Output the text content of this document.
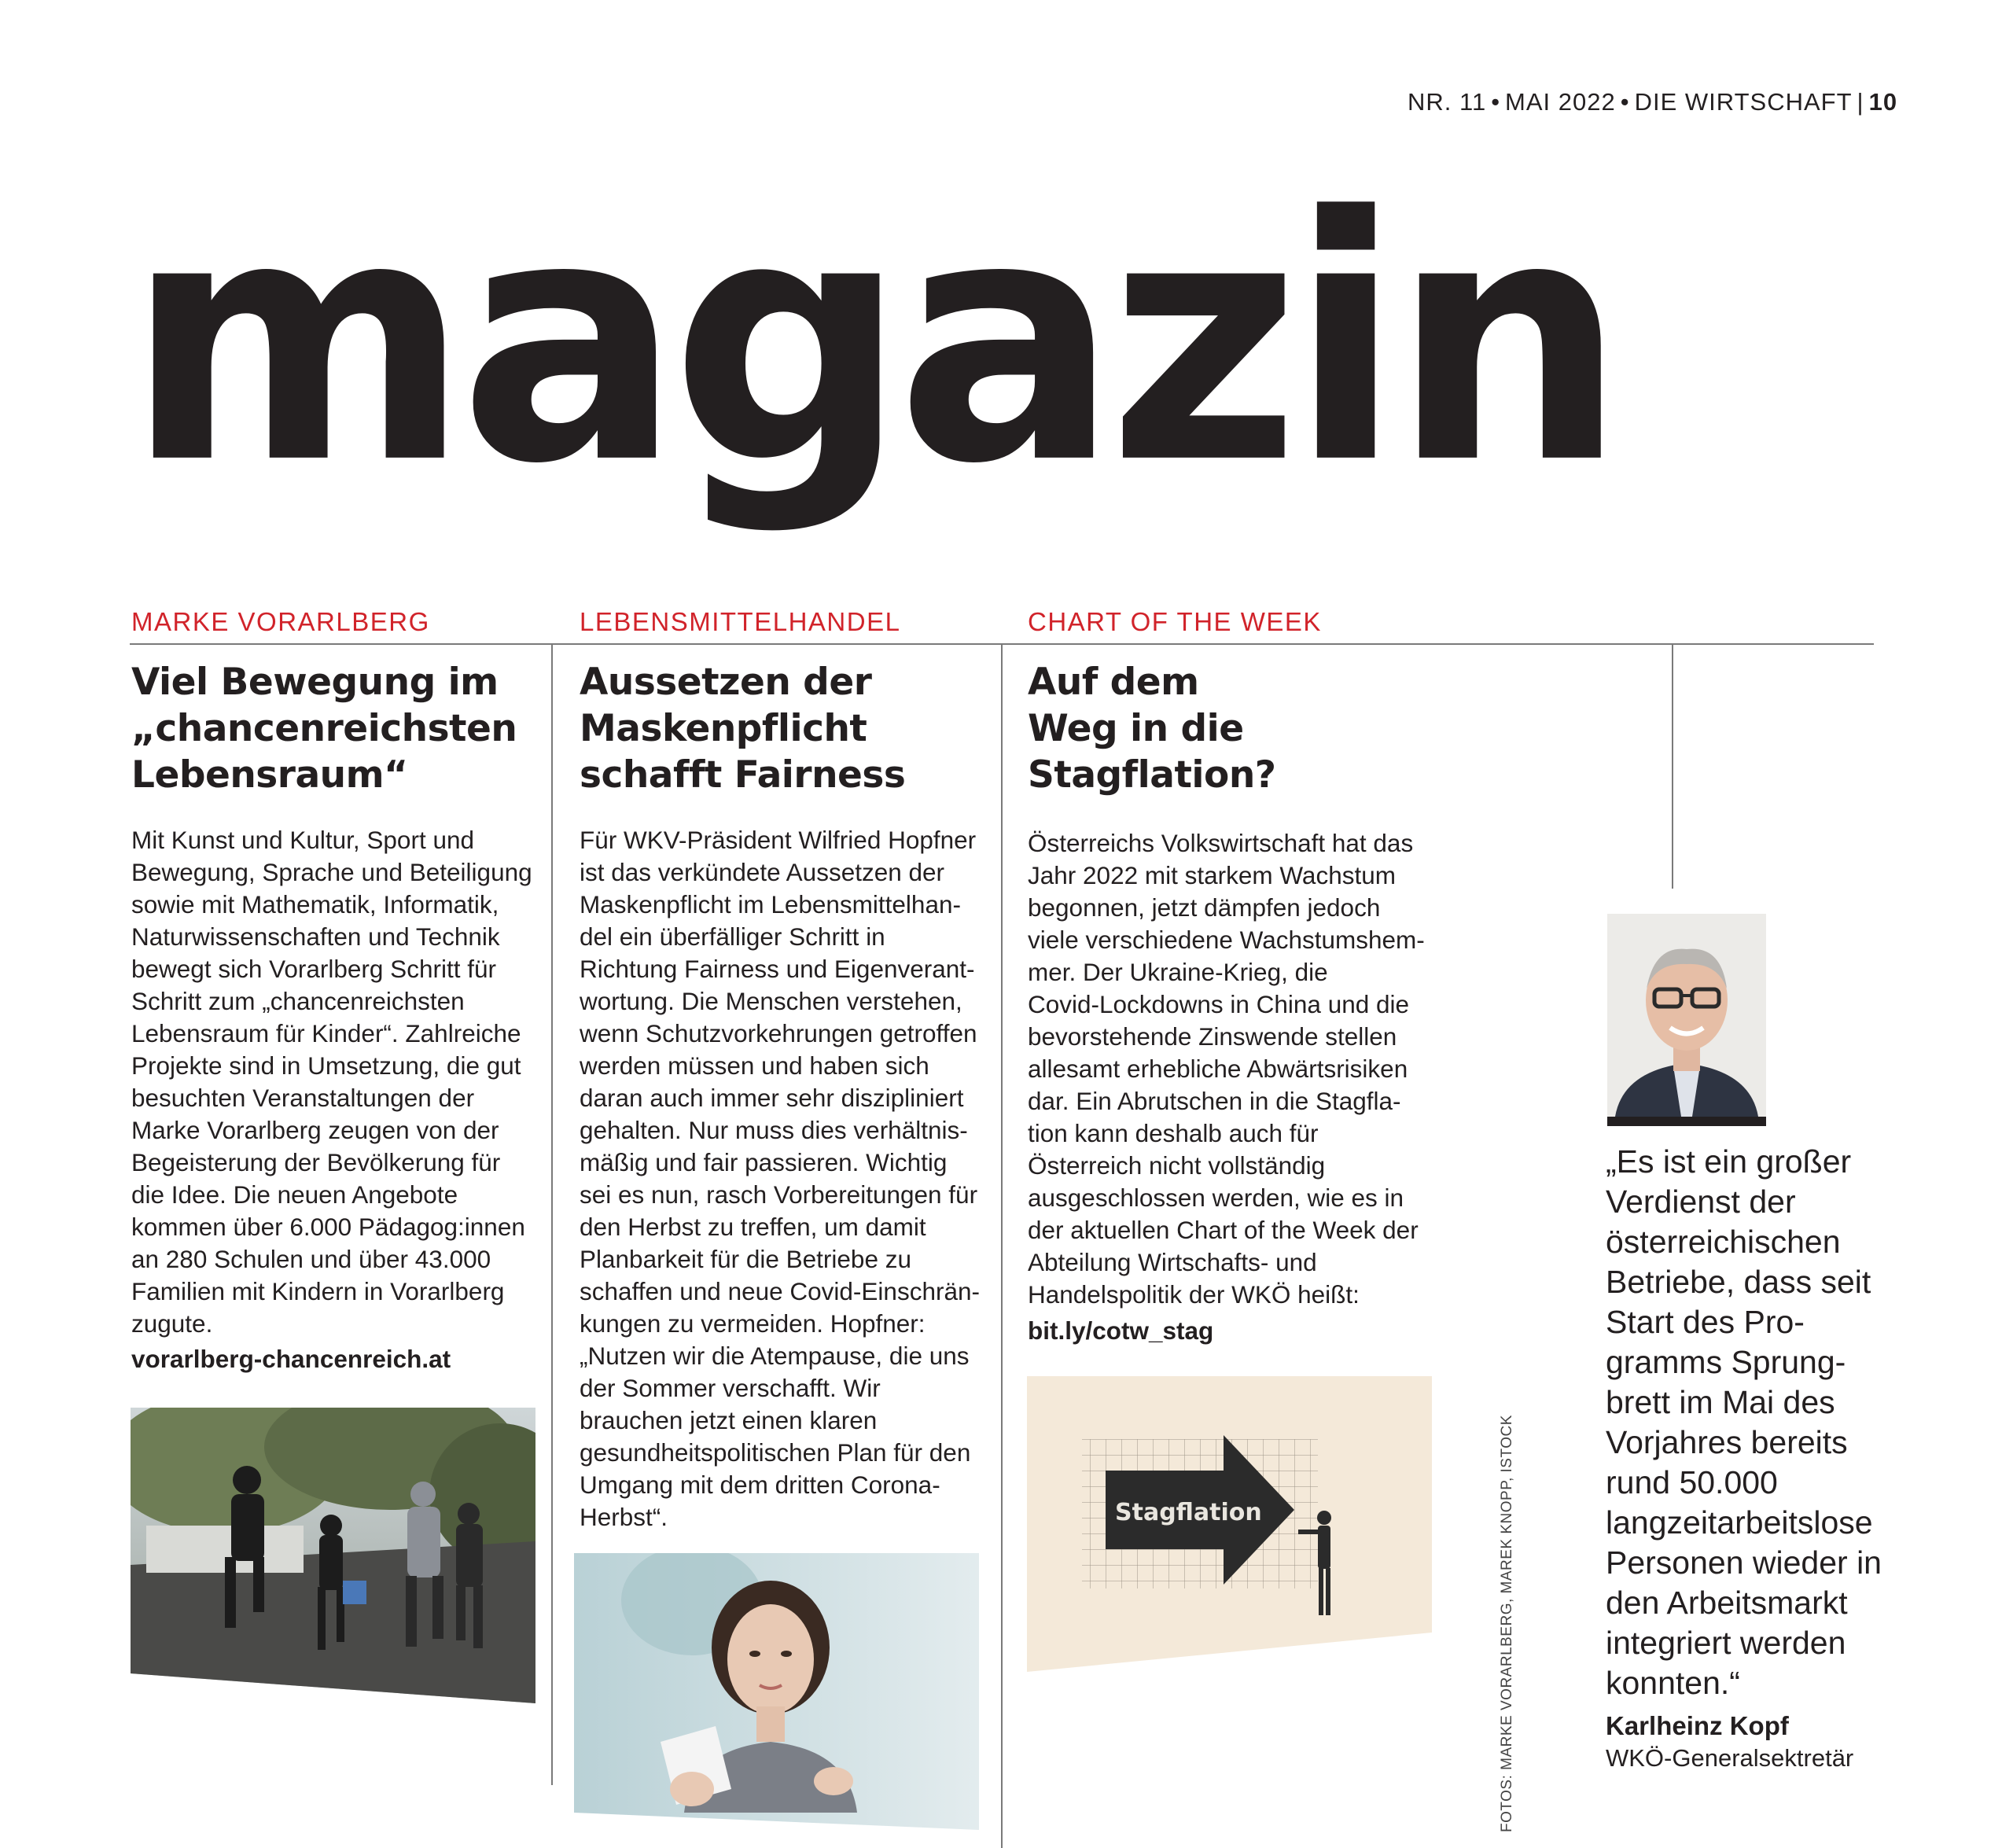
NR. 11 • MAI 2022 • DIE WIRTSCHAFT | 10
magazin
MARKE VORARLBERG
Viel Bewegung im
„chancenreichsten
Lebensraum“
Mit Kunst und Kultur, Sport und
Bewegung, Sprache und Beteiligung
sowie mit Mathematik, Informatik,
Naturwissenschaften und Technik
bewegt sich Vorarlberg Schritt für
Schritt zum „chancenreichsten
Lebensraum für Kinder“. Zahlreiche
Projekte sind in Umsetzung, die gut
besuchten Veranstaltungen der
Marke Vorarlberg zeugen von der
Begeisterung der Bevölkerung für
die Idee. Die neuen Angebote
kommen über 6.000 Pädagog:innen
an 280 Schulen und über 43.000
Familien mit Kindern in Vorarlberg
zugute.
vorarlberg-chancenreich.at
LEBENSMITTELHANDEL
Aussetzen der
Maskenpflicht
schafft Fairness
Für WKV-Präsident Wilfried Hopfner
ist das verkündete Aussetzen der
Maskenpflicht im Lebensmittelhan-
del ein überfälliger Schritt in
Richtung Fairness und Eigenverant-
wortung. Die Menschen verstehen,
wenn Schutzvorkehrungen getroffen
werden müssen und haben sich
daran auch immer sehr diszipliniert
gehalten. Nur muss dies verhältnis-
mäßig und fair passieren. Wichtig
sei es nun, rasch Vorbereitungen für
den Herbst zu treffen, um damit
Planbarkeit für die Betriebe zu
schaffen und neue Covid-Einschrän-
kungen zu vermeiden. Hopfner:
„Nutzen wir die Atempause, die uns
der Sommer verschafft. Wir
brauchen jetzt einen klaren
gesundheitspolitischen Plan für den
Umgang mit dem dritten Corona-
Herbst“.
CHART OF THE WEEK
Auf dem
Weg in die
Stagflation?
Österreichs Volkswirtschaft hat das
Jahr 2022 mit starkem Wachstum
begonnen, jetzt dämpfen jedoch
viele verschiedene Wachstumshem-
mer. Der Ukraine-Krieg, die
Covid-Lockdowns in China und die
bevorstehende Zinswende stellen
allesamt erhebliche Abwärtsrisiken
dar. Ein Abrutschen in die Stagfla-
tion kann deshalb auch für
Österreich nicht vollständig
ausgeschlossen werden, wie es in
der aktuellen Chart of the Week der
Abteilung Wirtschafts- und
Handelspolitik der WKÖ heißt:
bit.ly/cotw_stag
Stagflation
„Es ist ein großer
Verdienst der
österreichischen
Betriebe, dass seit
Start des Pro-
gramms Sprung-
brett im Mai des
Vorjahres bereits
rund 50.000
langzeitarbeitslose
Personen wieder in
den Arbeitsmarkt
integriert werden
konnten.“
Karlheinz Kopf
WKÖ-Generalsektretär
FOTOS: MARKE VORARLBERG, MAREK KNOPP, ISTOCK
